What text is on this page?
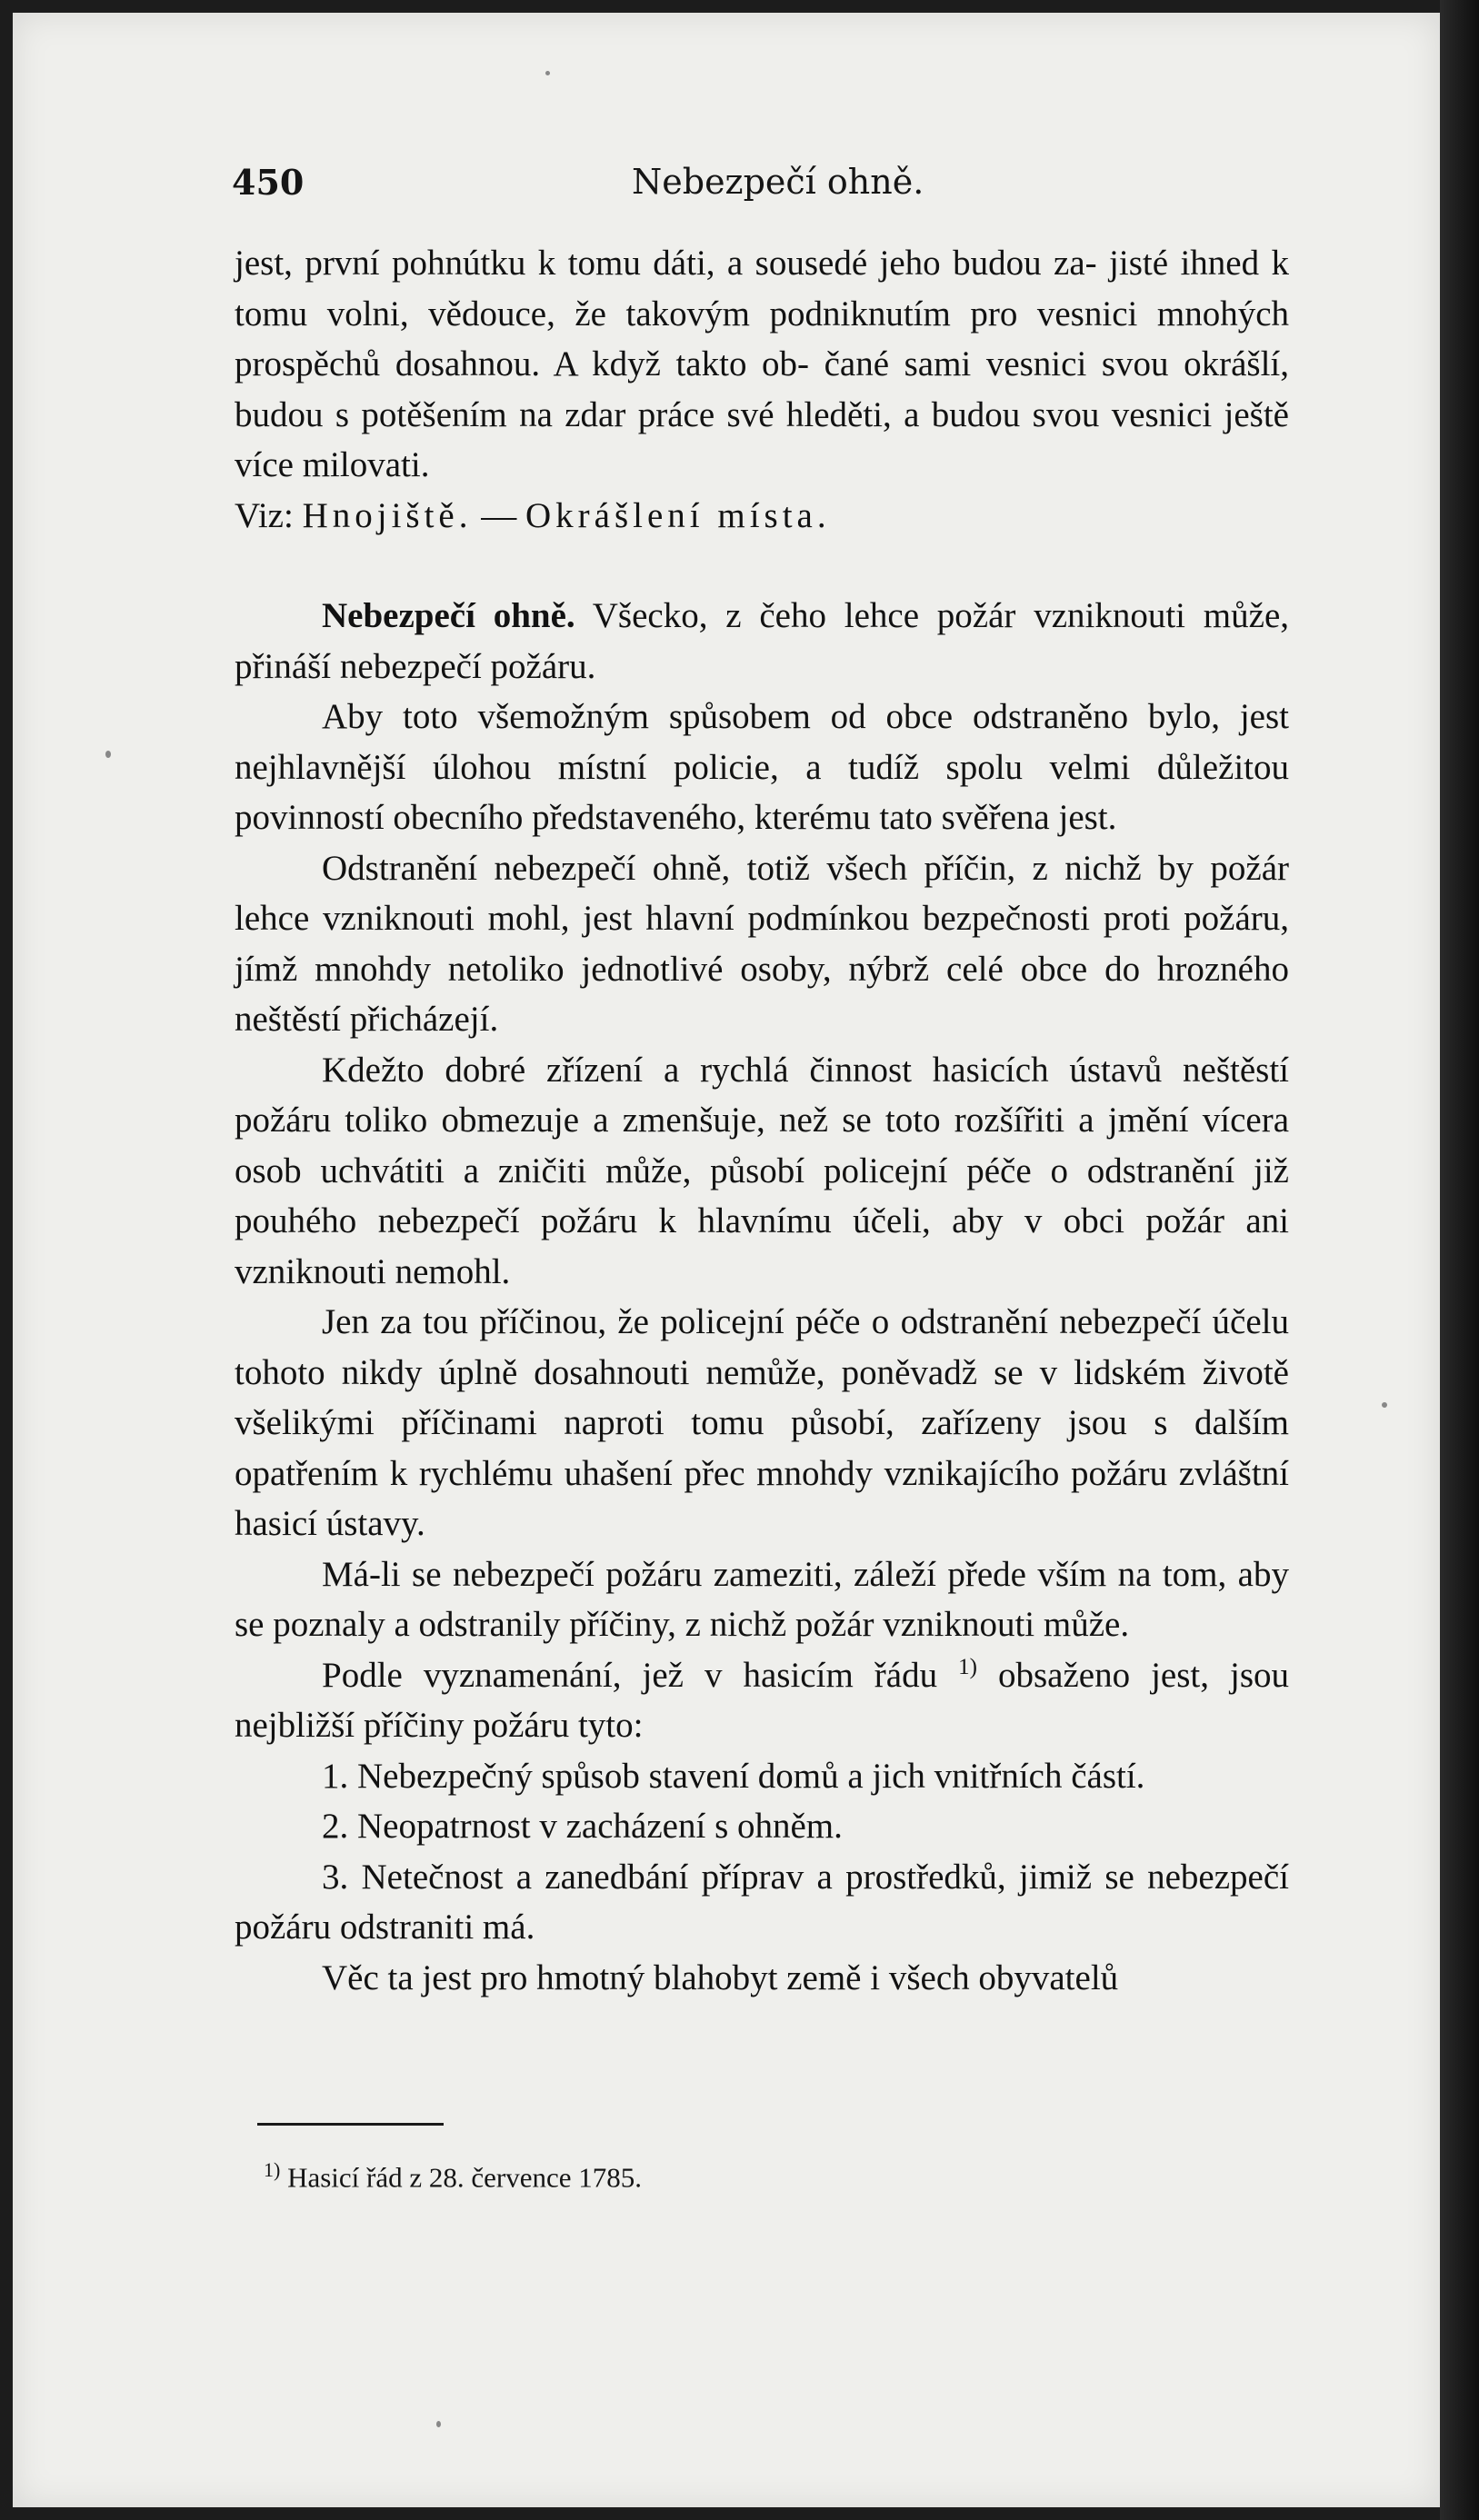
450	Nebezpečí ohně.

jest, první pohnútku k tomu dáti, a sousedé jeho budou za- jisté ihned k tomu volni, vědouce, že takovým podniknutím pro vesnici mnohých prospěchů dosahnou. A když takto ob- čané sami vesnici svou okrášlí, budou s potěšením na zdar práce své hleděti, a budou svou vesnici ještě více milovati.
Viz: Hnojiště. — Okrášlení místa.

Nebezpečí ohně. Všecko, z čeho lehce požár vzniknouti může, přináší nebezpečí požáru.

Aby toto všemožným spůsobem od obce odstraněno bylo, jest nejhlavnější úlohou místní policie, a tudíž spolu velmi důležitou povinností obecního představeného, kterému tato svěřena jest.

Odstranění nebezpečí ohně, totiž všech příčin, z nichž by požár lehce vzniknouti mohl, jest hlavní podmínkou bezpečnosti proti požáru, jímž mnohdy netoliko jednotlivé osoby, nýbrž celé obce do hrozného neštěstí přicházejí.

Kdežto dobré zřízení a rychlá činnost hasicích ústavů neštěstí požáru toliko obmezuje a zmenšuje, než se toto rozšířiti a jmění vícera osob uchvátiti a zničiti může, působí policejní péče o odstranění již pouhého nebezpečí požáru k hlavnímu účeli, aby v obci požár ani vzniknouti nemohl.

Jen za tou příčinou, že policejní péče o odstranění nebezpečí účelu tohoto nikdy úplně dosahnouti nemůže, poněvadž se v lidském životě všelikými příčinami naproti tomu působí, zařízeny jsou s dalším opatřením k rychlému uhašení přec mnohdy vznikajícího požáru zvláštní hasicí ústavy.

Má-li se nebezpečí požáru zameziti, záleží přede vším na tom, aby se poznaly a odstranily příčiny, z nichž požár vzniknouti může.

Podle vyznamenání, jež v hasicím řádu $^{1)}$ obsaženo jest, jsou nejbližší příčiny požáru tyto:

1. Nebezpečný spůsob stavení domů a jich vnitřních částí.

2. Neopatrnost v zacházení s ohněm.

3. Netečnost a zanedbání příprav a prostředků, jimiž se nebezpečí požáru odstraniti má.

Věc ta jest pro hmotný blahobyt země i všech obyvatelů

$^{1)}$ Hasicí řád z 28. července 1785.
